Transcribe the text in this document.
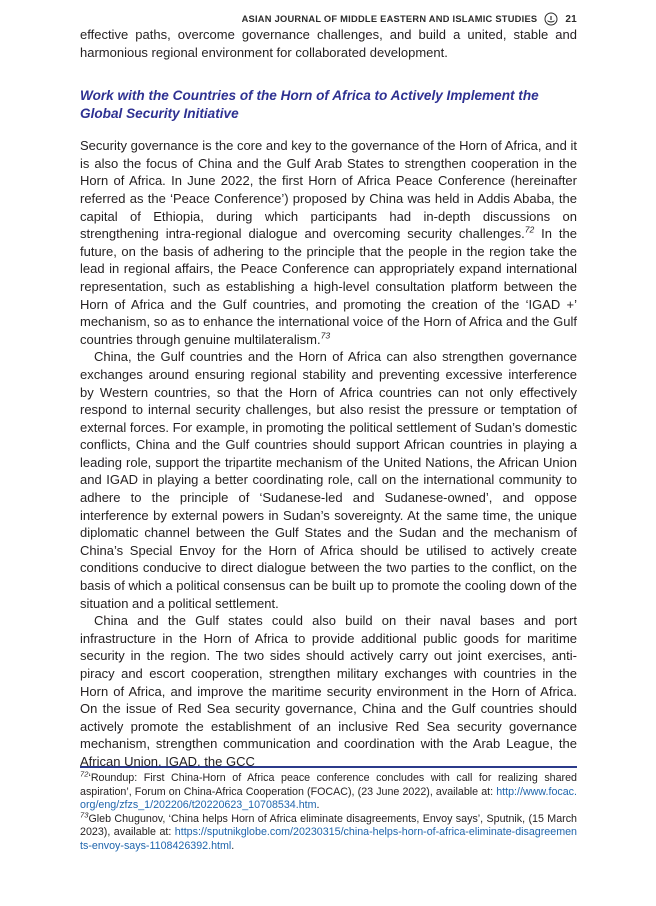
ASIAN JOURNAL OF MIDDLE EASTERN AND ISLAMIC STUDIES	21

effective paths, overcome governance challenges, and build a united, stable and harmonious regional environment for collaborated development.

Work with the Countries of the Horn of Africa to Actively Implement the Global Security Initiative

Security governance is the core and key to the governance of the Horn of Africa, and it is also the focus of China and the Gulf Arab States to strengthen cooperation in the Horn of Africa. In June 2022, the first Horn of Africa Peace Conference (hereinafter referred as the ‘Peace Conference’) proposed by China was held in Addis Ababa, the capital of Ethiopia, during which participants had in-depth discussions on strengthening intra-regional dialogue and overcoming security challenges.$^{72}$ In the future, on the basis of adhering to the principle that the people in the region take the lead in regional affairs, the Peace Conference can appropriately expand international representation, such as establishing a high-level consultation platform between the Horn of Africa and the Gulf countries, and promoting the creation of the ‘IGAD +’ mechanism, so as to enhance the international voice of the Horn of Africa and the Gulf countries through genuine multilateralism.$^{73}$

China, the Gulf countries and the Horn of Africa can also strengthen governance exchanges around ensuring regional stability and preventing excessive interference by Western countries, so that the Horn of Africa countries can not only effectively respond to internal security challenges, but also resist the pressure or temptation of external forces. For example, in promoting the political settlement of Sudan’s domestic conflicts, China and the Gulf countries should support African countries in playing a leading role, support the tripartite mechanism of the United Nations, the African Union and IGAD in playing a better coordinating role, call on the international community to adhere to the principle of ‘Sudanese-led and Sudanese-owned’, and oppose interference by external powers in Sudan’s sovereignty. At the same time, the unique diplomatic channel between the Gulf States and the Sudan and the mechanism of China’s Special Envoy for the Horn of Africa should be utilised to actively create conditions conducive to direct dialogue between the two parties to the conflict, on the basis of which a political consensus can be built up to promote the cooling down of the situation and a political settlement.

China and the Gulf states could also build on their naval bases and port infrastructure in the Horn of Africa to provide additional public goods for maritime security in the region. The two sides should actively carry out joint exercises, anti-piracy and escort cooperation, strengthen military exchanges with countries in the Horn of Africa, and improve the maritime security environment in the Horn of Africa. On the issue of Red Sea security governance, China and the Gulf countries should actively promote the establishment of an inclusive Red Sea security governance mechanism, strengthen communication and coordination with the Arab League, the African Union, IGAD, the GCC

$^{72}$‘Roundup: First China-Horn of Africa peace conference concludes with call for realizing shared aspiration’, Forum on China-Africa Cooperation (FOCAC), (23 June 2022), available at: http://www.focac.org/eng/zfzs_1/202206/t20220623_10708534.htm.
$^{73}$Gleb Chugunov, ‘China helps Horn of Africa eliminate disagreements, Envoy says’, Sputnik, (15 March 2023), available at: https://sputnikglobe.com/20230315/china-helps-horn-of-africa-eliminate-disagreements-envoy-says-1108426392.html.
